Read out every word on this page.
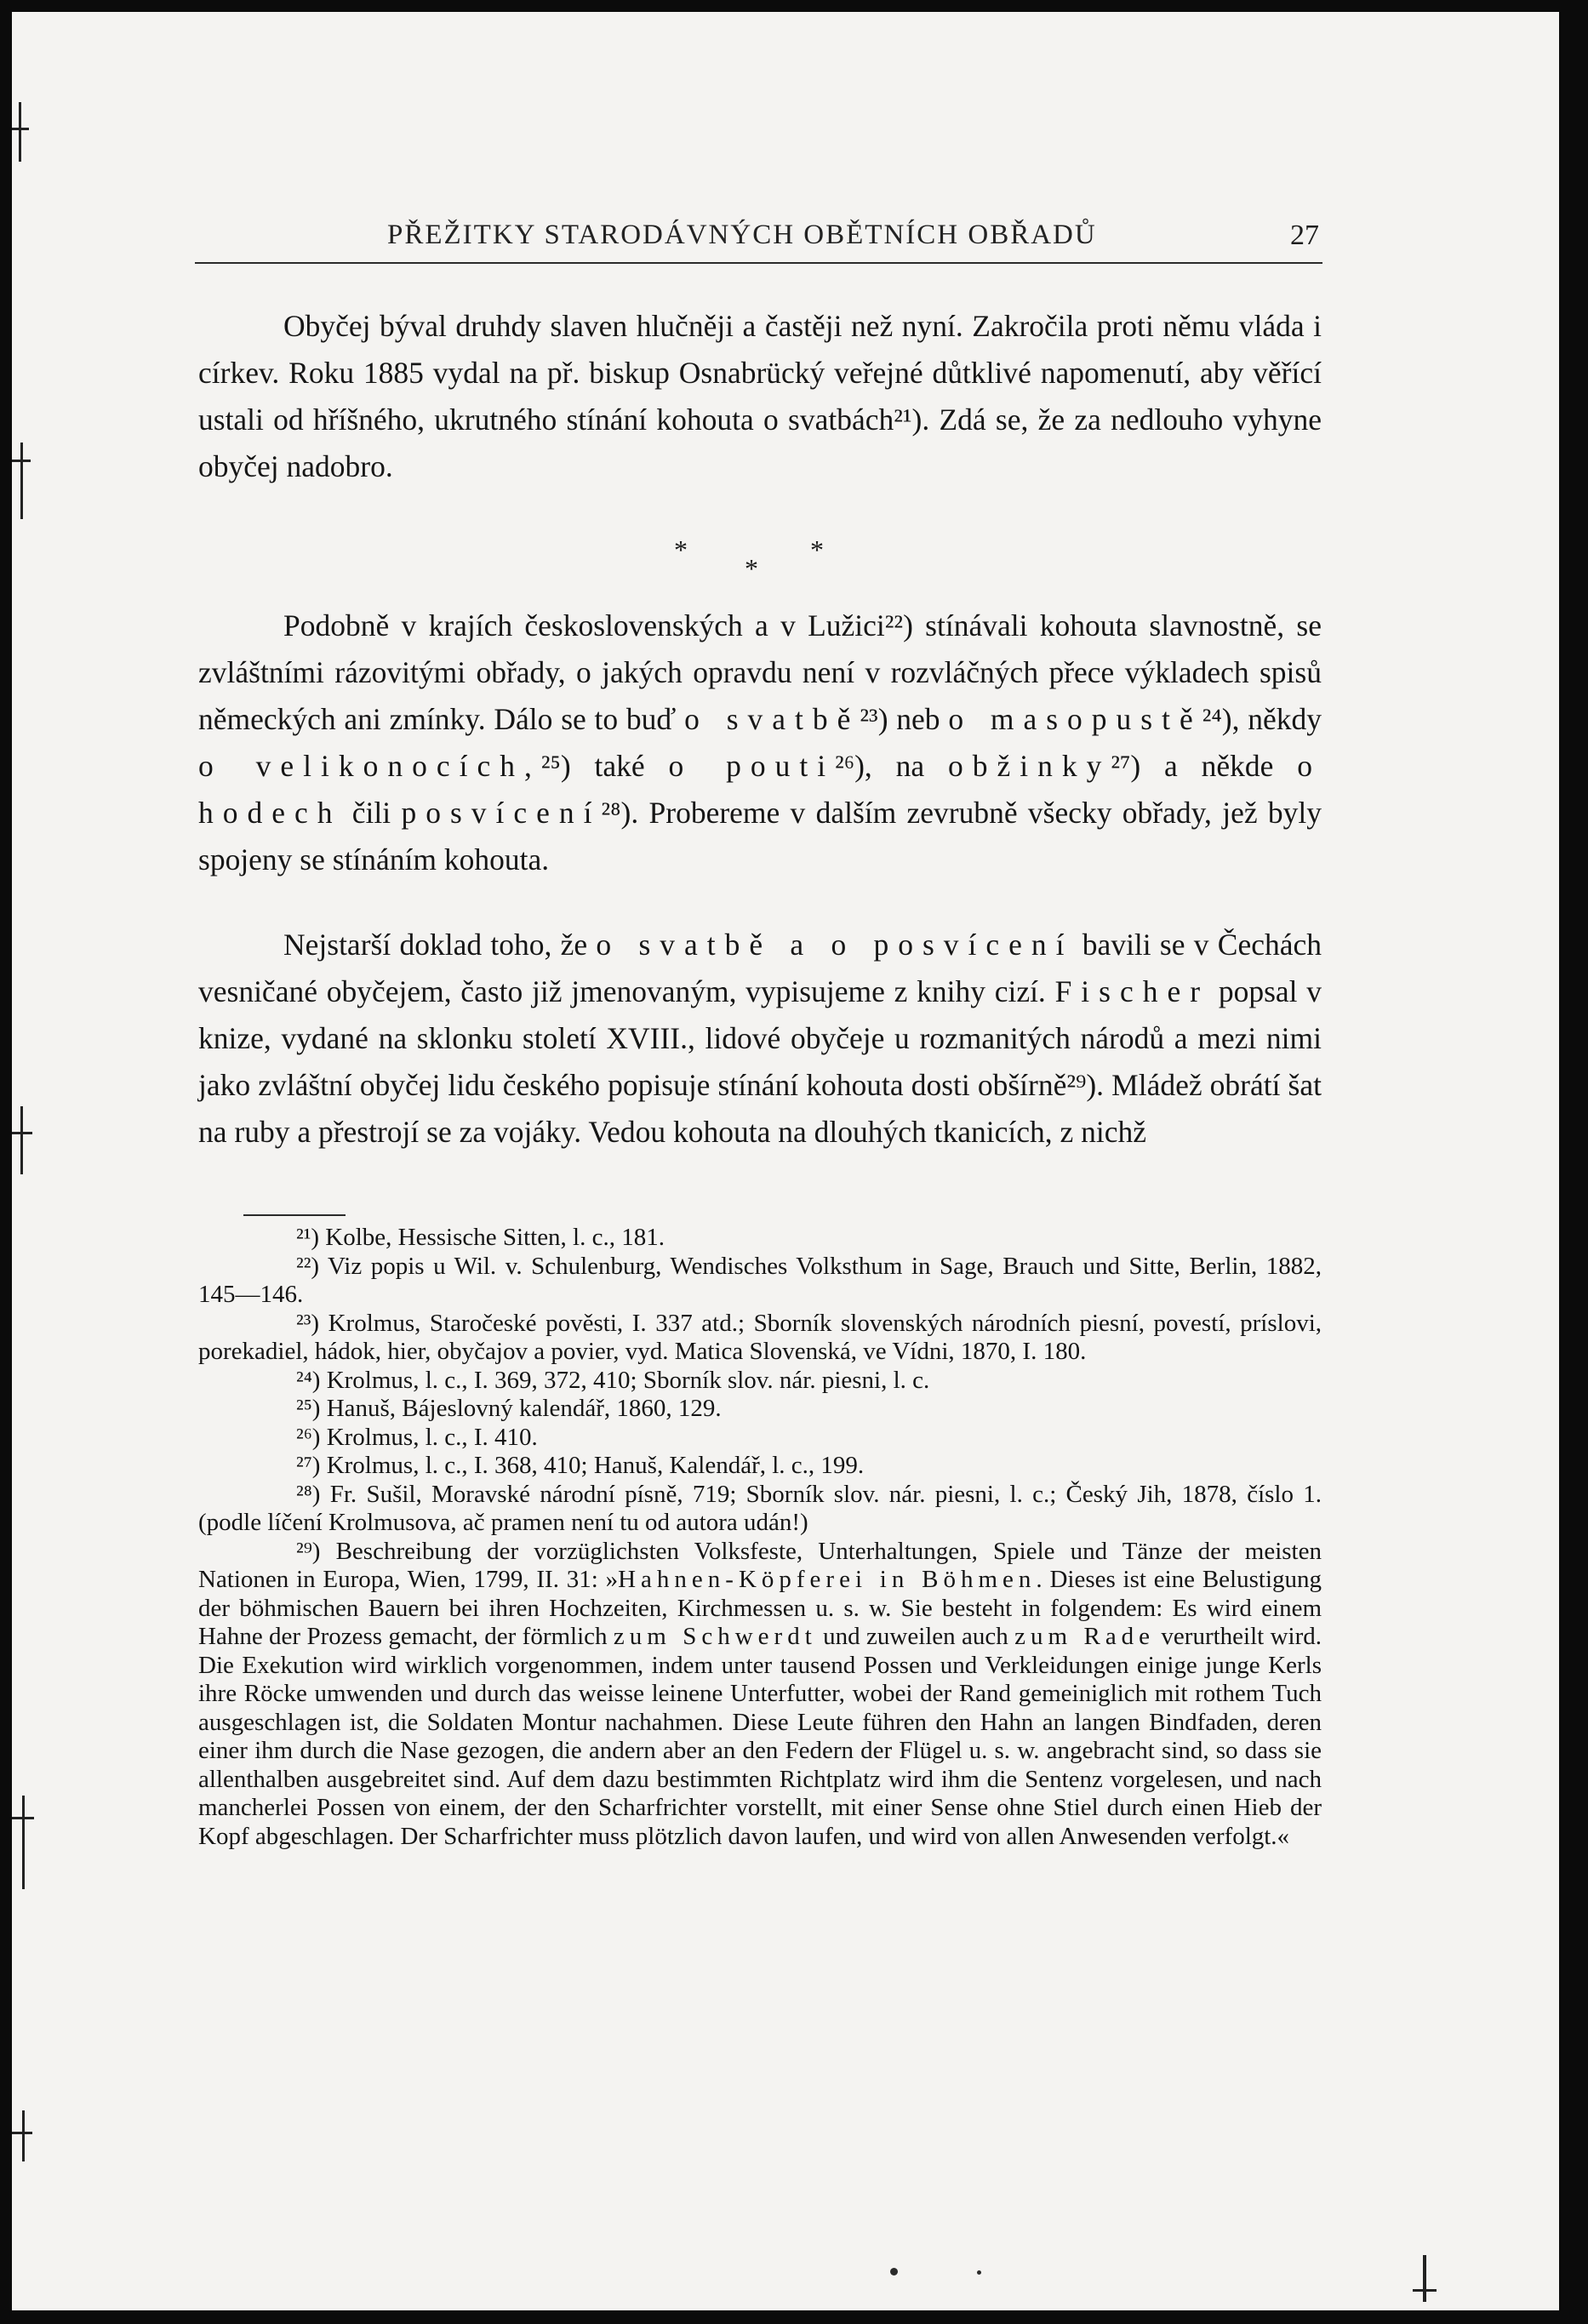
PŘEŽITKY STARODÁVNÝCH OBĚTNÍCH OBŘADŮ	27
Obyčej býval druhdy slaven hlučněji a častěji než nyní. Zakročila proti němu vláda i církev. Roku 1885 vydal na př. biskup Osnabrücký veřejné důtklivé napomenutí, aby věřící ustali od hříšného, ukrutného stínání kohouta o svatbách²¹). Zdá se, že za nedlouho vyhyne obyčej nadobro.
*
*
*
Podobně v krajích československých a v Lužici²²) stínávali kohouta slavnostně, se zvláštními rázovitými obřady, o jakých opravdu není v rozvláčných přece výkladech spisů německých ani zmínky. Dálo se to buď o svatbě²³) neb o masopustě²⁴), někdy o velikonocích,²⁵) také o pouti²⁶), na obžinky²⁷) a někde o hodech čili posvícení²⁸). Probereme v dalším zevrubně všecky obřady, jež byly spojeny se stínáním kohouta.
Nejstarší doklad toho, že o svatbě a o posvícení bavili se v Čechách vesničané obyčejem, často již jmenovaným, vypisujeme z knihy cizí. Fischer popsal v knize, vydané na sklonku století XVIII., lidové obyčeje u rozmanitých národů a mezi nimi jako zvláštní obyčej lidu českého popisuje stínání kohouta dosti obšírně²⁹). Mládež obrátí šat na ruby a přestrojí se za vojáky. Vedou kohouta na dlouhých tkanicích, z nichž

²¹) Kolbe, Hessische Sitten, l. c., 181.

²²) Viz popis u Wil. v. Schulenburg, Wendisches Volksthum in Sage, Brauch und Sitte, Berlin, 1882, 145—146.

²³) Krolmus, Staročeské pověsti, I. 337 atd.; Sborník slovenských národních piesní, povestí, príslovi, porekadiel, hádok, hier, obyčajov a povier, vyd. Matica Slovenská, ve Vídni, 1870, I. 180.

²⁴) Krolmus, l. c., I. 369, 372, 410; Sborník slov. nár. piesni, l. c.

²⁵) Hanuš, Bájeslovný kalendář, 1860, 129.

²⁶) Krolmus, l. c., I. 410.

²⁷) Krolmus, l. c., I. 368, 410; Hanuš, Kalendář, l. c., 199.

²⁸) Fr. Sušil, Moravské národní písně, 719; Sborník slov. nár. piesni, l. c.; Český Jih, 1878, číslo 1. (podle líčení Krolmusova, ač pramen není tu od autora udán!)

²⁹) Beschreibung der vorzüglichsten Volksfeste, Unterhaltungen, Spiele und Tänze der meisten Nationen in Europa, Wien, 1799, II. 31: »Hahnen-Köpferei in Böhmen. Dieses ist eine Belustigung der böhmischen Bauern bei ihren Hochzeiten, Kirchmessen u. s. w. Sie besteht in folgendem: Es wird einem Hahne der Prozess gemacht, der förmlich zum Schwerdt und zuweilen auch zum Rade verurtheilt wird. Die Exekution wird wirklich vorgenommen, indem unter tausend Possen und Verkleidungen einige junge Kerls ihre Röcke umwenden und durch das weisse leinene Unterfutter, wobei der Rand gemeiniglich mit rothem Tuch ausgeschlagen ist, die Soldaten Montur nachahmen. Diese Leute führen den Hahn an langen Bindfaden, deren einer ihm durch die Nase gezogen, die andern aber an den Federn der Flügel u. s. w. angebracht sind, so dass sie allenthalben ausgebreitet sind. Auf dem dazu bestimmten Richtplatz wird ihm die Sentenz vorgelesen, und nach mancherlei Possen von einem, der den Scharfrichter vorstellt, mit einer Sense ohne Stiel durch einen Hieb der Kopf abgeschlagen. Der Scharfrichter muss plötzlich davon laufen, und wird von allen Anwesenden verfolgt.«
